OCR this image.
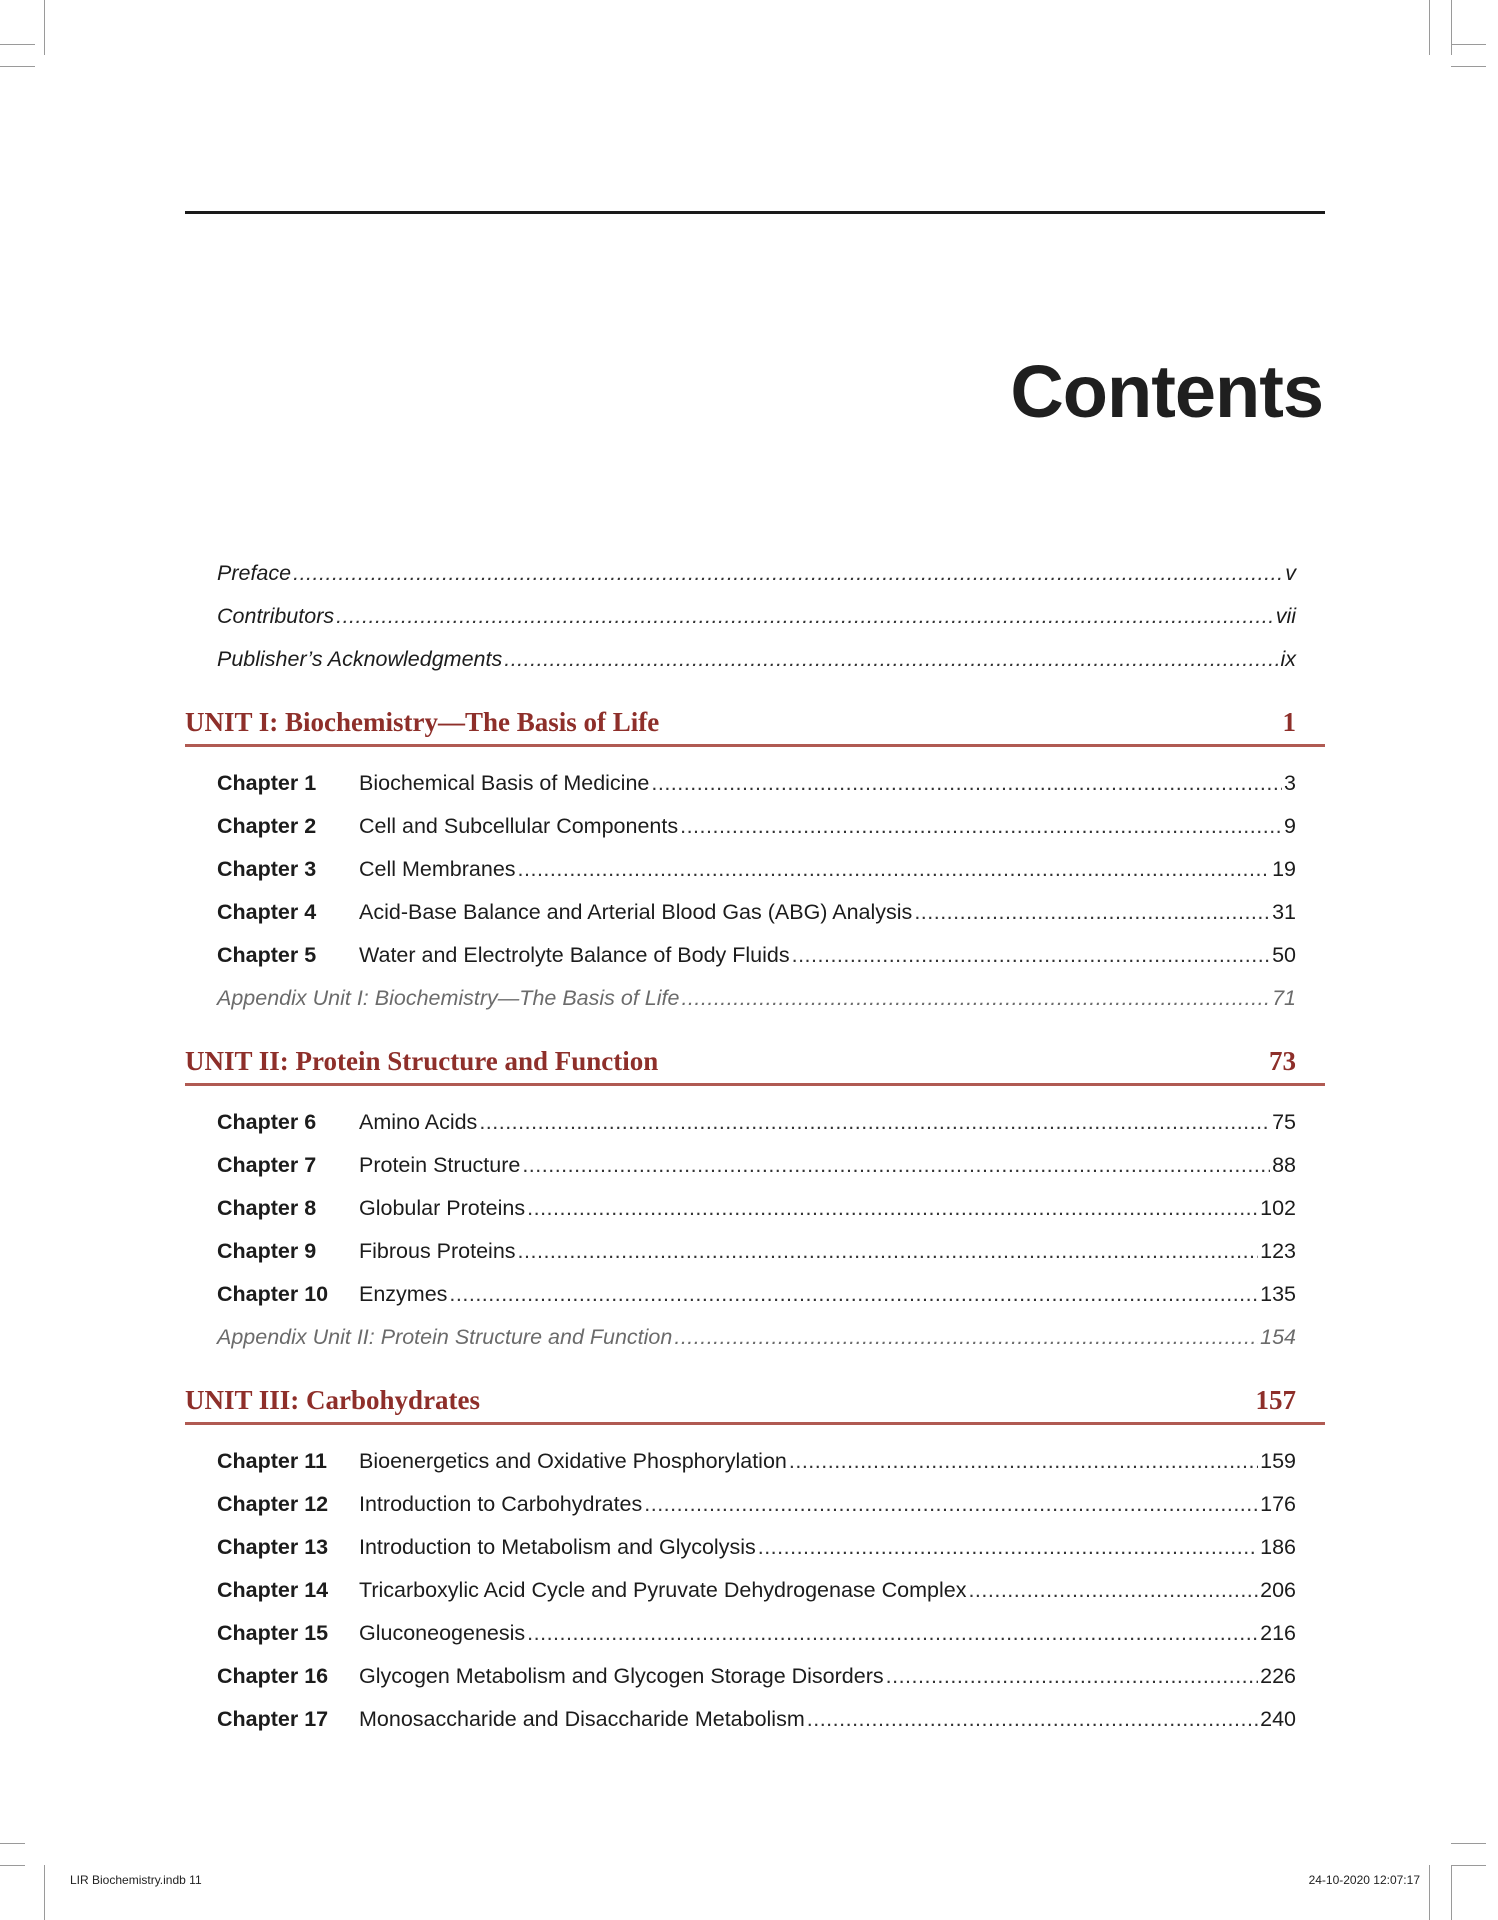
Contents
Preface .....	v
Contributors .....	vii
Publisher’s Acknowledgments .....	ix
UNIT I: Biochemistry—The Basis of Life	1
Chapter 1	Biochemical Basis of Medicine .....	3
Chapter 2	Cell and Subcellular Components .....	9
Chapter 3	Cell Membranes .....	19
Chapter 4	Acid-Base Balance and Arterial Blood Gas (ABG) Analysis .....	31
Chapter 5	Water and Electrolyte Balance of Body Fluids .....	50
Appendix Unit I: Biochemistry—The Basis of Life .....	71
UNIT II: Protein Structure and Function	73
Chapter 6	Amino Acids .....	75
Chapter 7	Protein Structure .....	88
Chapter 8	Globular Proteins .....	102
Chapter 9	Fibrous Proteins .....	123
Chapter 10	Enzymes .....	135
Appendix Unit II: Protein Structure and Function .....	154
UNIT III: Carbohydrates	157
Chapter 11	Bioenergetics and Oxidative Phosphorylation .....	159
Chapter 12	Introduction to Carbohydrates .....	176
Chapter 13	Introduction to Metabolism and Glycolysis .....	186
Chapter 14	Tricarboxylic Acid Cycle and Pyruvate Dehydrogenase Complex .....	206
Chapter 15	Gluconeogenesis .....	216
Chapter 16	Glycogen Metabolism and Glycogen Storage Disorders .....	226
Chapter 17	Monosaccharide and Disaccharide Metabolism .....	240
LIR Biochemistry.indb 11	24-10-2020 12:07:17
